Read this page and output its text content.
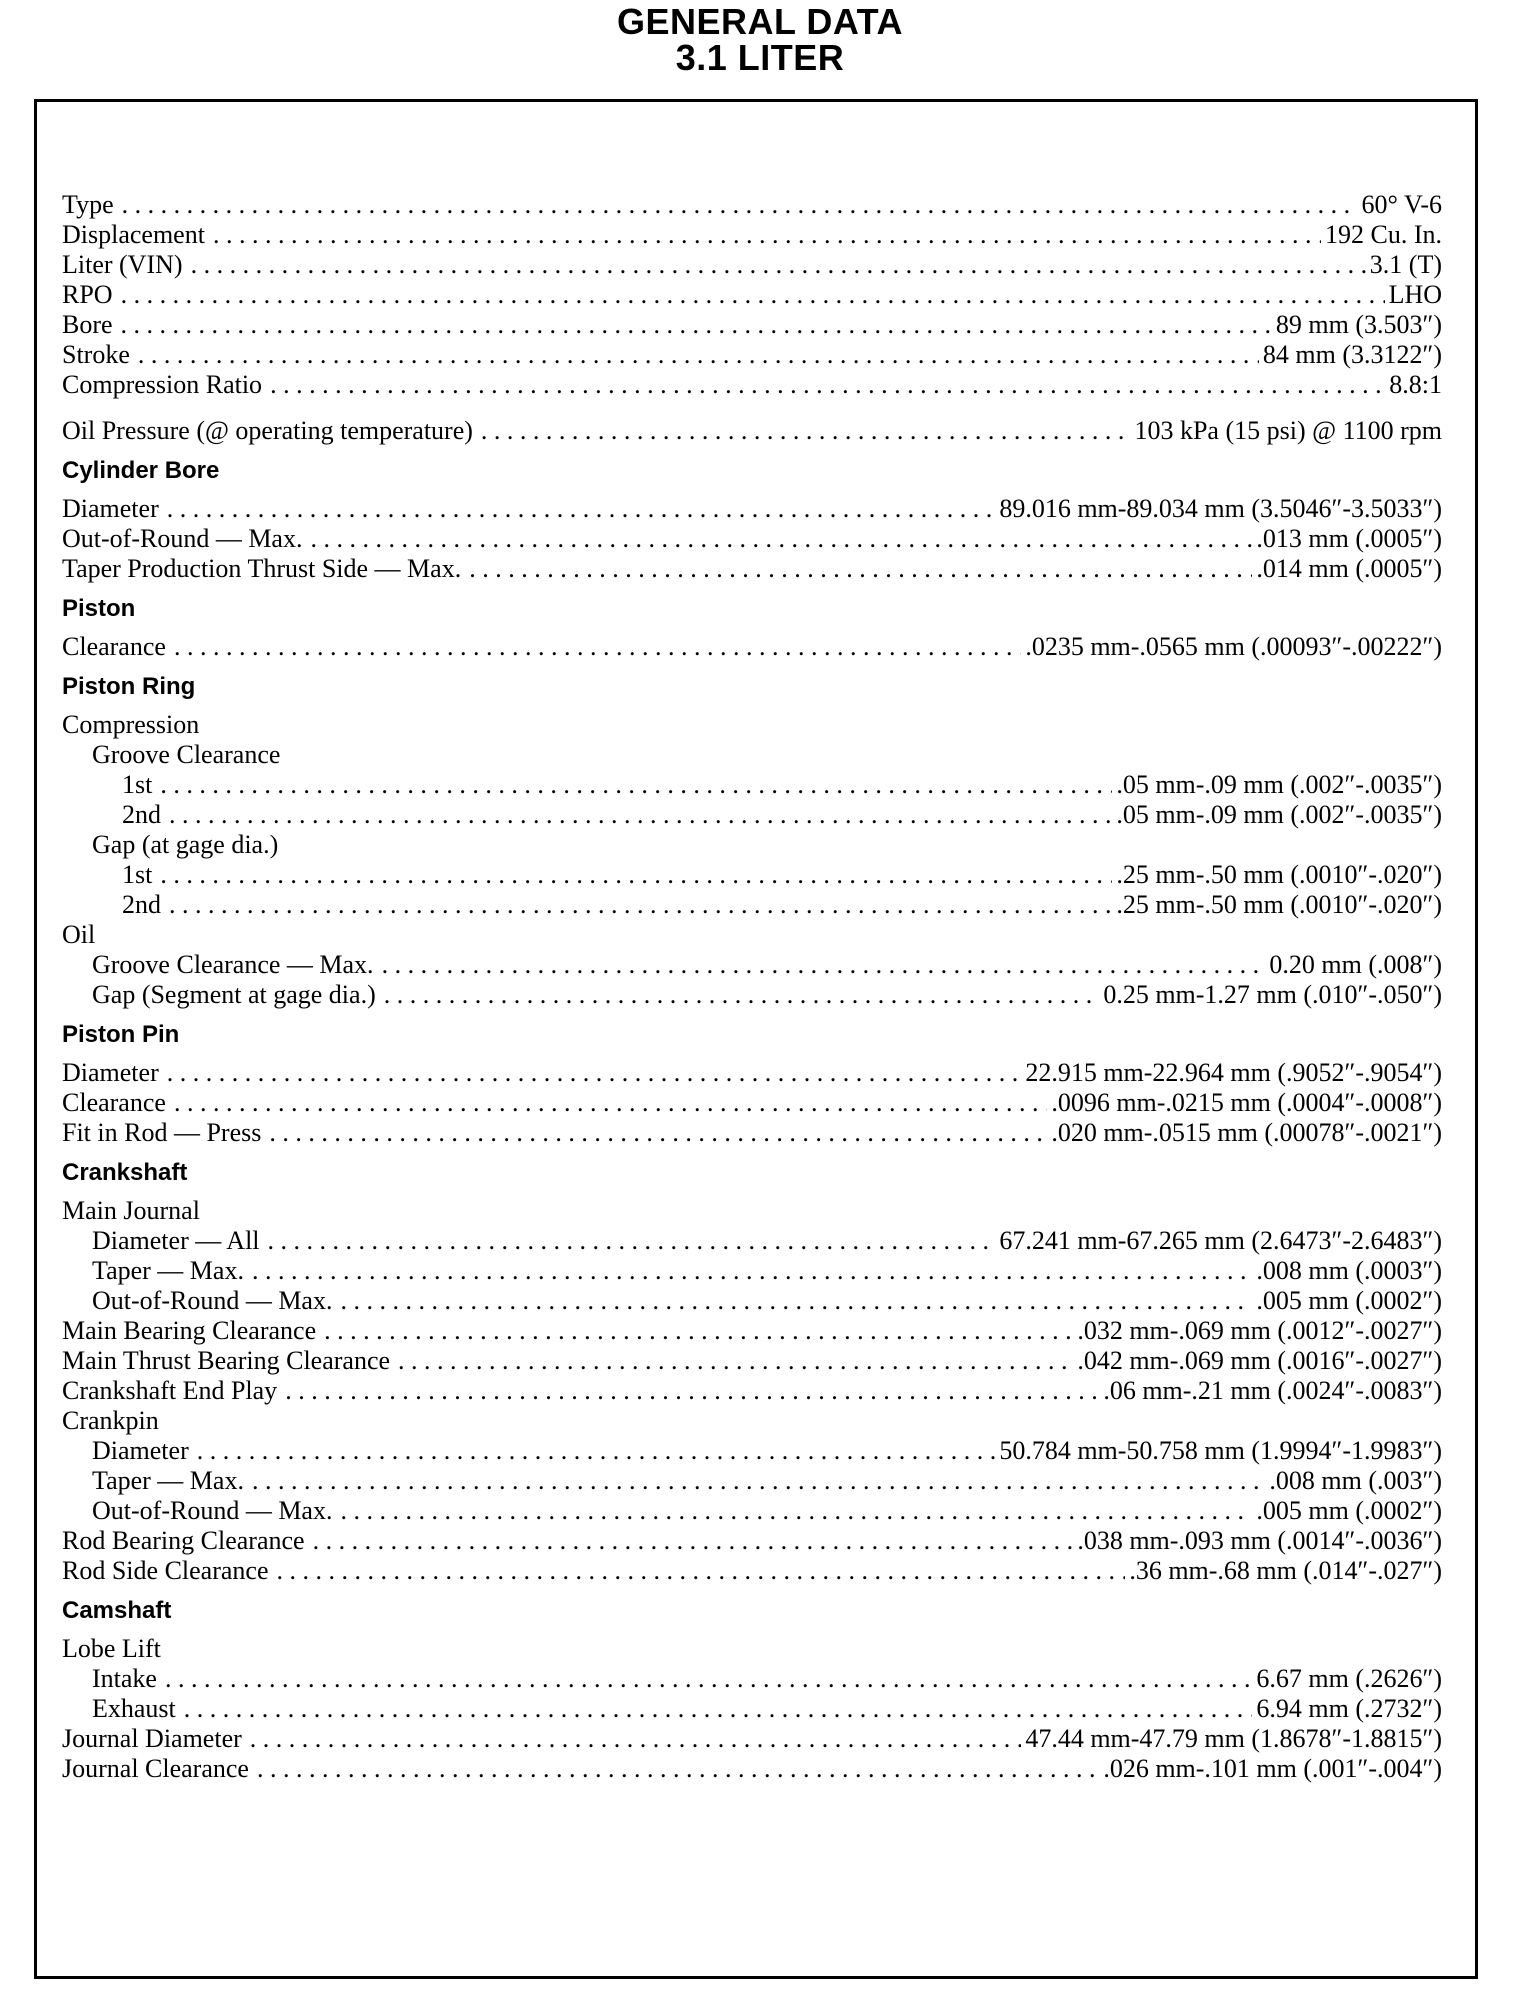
GENERAL DATA
3.1 LITER
Type . . .	60° V-6
Displacement . . .	192 Cu. In.
Liter (VIN) . . .	3.1 (T)
RPO . . .	LHO
Bore . . .	89 mm (3.503″)
Stroke . . .	84 mm (3.3122″)
Compression Ratio . . .	8.8:1
Oil Pressure (@ operating temperature) . . .	103 kPa (15 psi) @ 1100 rpm
Cylinder Bore
Diameter . . .	89.016 mm-89.034 mm (3.5046″-3.5033″)
Out-of-Round — Max. . . .	.013 mm (.0005″)
Taper Production Thrust Side — Max. . . .	.014 mm (.0005″)
Piston
Clearance . . .	.0235 mm-.0565 mm (.00093″-.00222″)
Piston Ring
Compression
Groove Clearance
1st . . .	.05 mm-.09 mm (.002″-.0035″)
2nd . . .	.05 mm-.09 mm (.002″-.0035″)
Gap (at gage dia.)
1st . . .	.25 mm-.50 mm (.0010″-.020″)
2nd . . .	.25 mm-.50 mm (.0010″-.020″)
Oil
Groove Clearance — Max. . . .	0.20 mm (.008″)
Gap (Segment at gage dia.) . . .	0.25 mm-1.27 mm (.010″-.050″)
Piston Pin
Diameter . . .	22.915 mm-22.964 mm (.9052″-.9054″)
Clearance . . .	.0096 mm-.0215 mm (.0004″-.0008″)
Fit in Rod — Press . . .	.020 mm-.0515 mm (.00078″-.0021″)
Crankshaft
Main Journal
Diameter — All . . .	67.241 mm-67.265 mm (2.6473″-2.6483″)
Taper — Max. . . .	.008 mm (.0003″)
Out-of-Round — Max. . . .	.005 mm (.0002″)
Main Bearing Clearance . . .	.032 mm-.069 mm (.0012″-.0027″)
Main Thrust Bearing Clearance . . .	.042 mm-.069 mm (.0016″-.0027″)
Crankshaft End Play . . .	.06 mm-.21 mm (.0024″-.0083″)
Crankpin
Diameter . . .	50.784 mm-50.758 mm (1.9994″-1.9983″)
Taper — Max. . . .	.008 mm (.003″)
Out-of-Round — Max. . . .	.005 mm (.0002″)
Rod Bearing Clearance . . .	.038 mm-.093 mm (.0014″-.0036″)
Rod Side Clearance . . .	.36 mm-.68 mm (.014″-.027″)
Camshaft
Lobe Lift
Intake . . .	6.67 mm (.2626″)
Exhaust . . .	6.94 mm (.2732″)
Journal Diameter . . .	47.44 mm-47.79 mm (1.8678″-1.8815″)
Journal Clearance . . .	.026 mm-.101 mm (.001″-.004″)
